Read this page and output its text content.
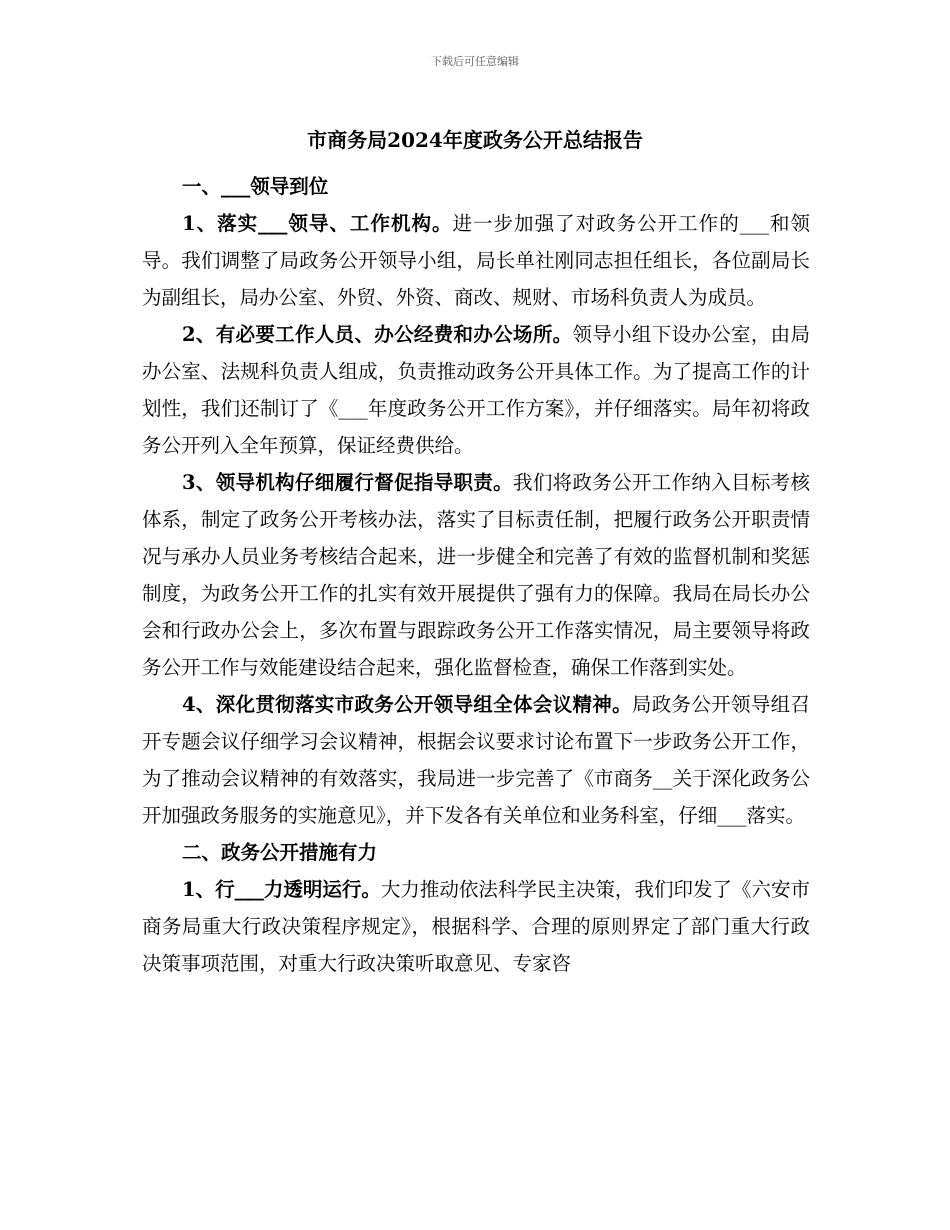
下载后可任意编辑
市商务局2024年度政务公开总结报告

一、___领导到位

1、落实___领导、工作机构。进一步加强了对政务公开工作的___和领导。我们调整了局政务公开领导小组，局长单社刚同志担任组长，各位副局长为副组长，局办公室、外贸、外资、商改、规财、市场科负责人为成员。

2、有必要工作人员、办公经费和办公场所。领导小组下设办公室，由局办公室、法规科负责人组成，负责推动政务公开具体工作。为了提高工作的计划性，我们还制订了《___年度政务公开工作方案》，并仔细落实。局年初将政务公开列入全年预算，保证经费供给。

3、领导机构仔细履行督促指导职责。我们将政务公开工作纳入目标考核体系，制定了政务公开考核办法，落实了目标责任制，把履行政务公开职责情况与承办人员业务考核结合起来，进一步健全和完善了有效的监督机制和奖惩制度，为政务公开工作的扎实有效开展提供了强有力的保障。我局在局长办公会和行政办公会上，多次布置与跟踪政务公开工作落实情况，局主要领导将政务公开工作与效能建设结合起来，强化监督检查，确保工作落到实处。

4、深化贯彻落实市政务公开领导组全体会议精神。局政务公开领导组召开专题会议仔细学习会议精神，根据会议要求讨论布置下一步政务公开工作，为了推动会议精神的有效落实，我局进一步完善了《市商务__关于深化政务公开加强政务服务的实施意见》，并下发各有关单位和业务科室，仔细___落实。

二、政务公开措施有力

1、行___力透明运行。大力推动依法科学民主决策，我们印发了《六安市商务局重大行政决策程序规定》，根据科学、合理的原则界定了部门重大行政决策事项范围，对重大行政决策听取意见、专家咨
